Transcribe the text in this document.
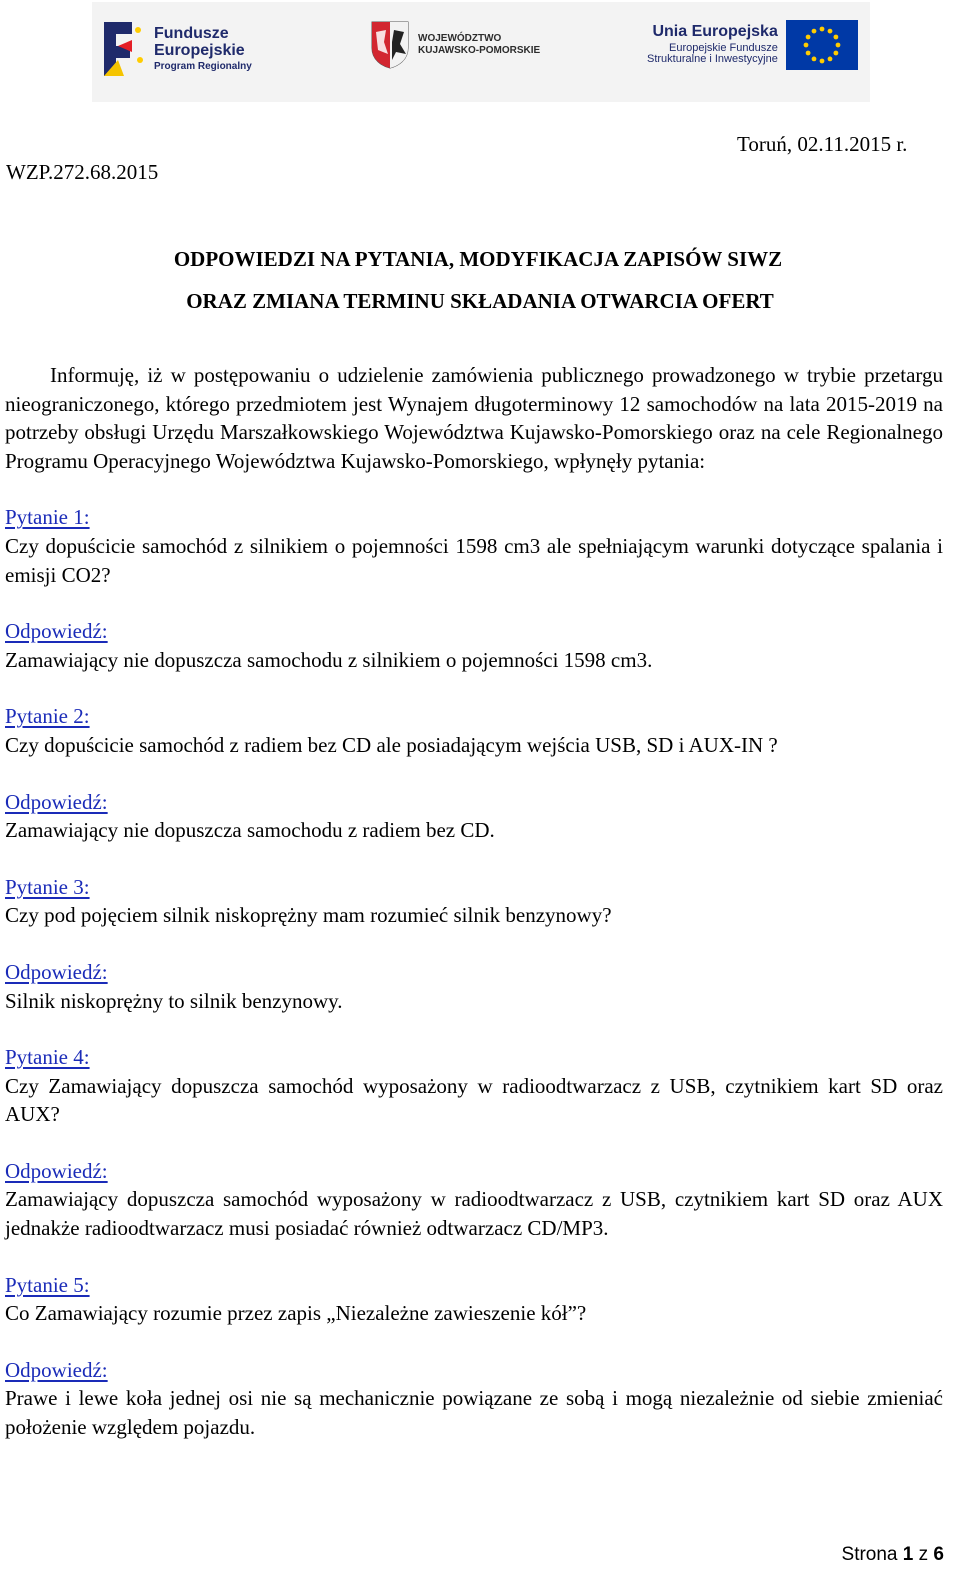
Fundusze
Europejskie
Program Regionalny
WOJEWÓDZTWO
KUJAWSKO-POMORSKIE
Unia Europejska
Europejskie Fundusze
Strukturalne i Inwestycyjne
WZP.272.68.2015
Toruń, 02.11.2015 r.
ODPOWIEDZI NA PYTANIA, MODYFIKACJA ZAPISÓW SIWZ
ORAZ ZMIANA TERMINU SKŁADANIA OTWARCIA OFERT

Informuję, iż w postępowaniu o udzielenie zamówienia publicznego prowadzonego w trybie przetargu nieograniczonego, którego przedmiotem jest Wynajem długoterminowy 12 samochodów na lata 2015-2019 na potrzeby obsługi Urzędu Marszałkowskiego Województwa Kujawsko-Pomorskiego oraz na cele Regionalnego Programu Operacyjnego Województwa Kujawsko-Pomorskiego, wpłynęły pytania:

Pytanie 1:

Czy dopuścicie samochód z silnikiem o pojemności 1598 cm3 ale spełniającym warunki dotyczące spalania i emisji CO2?

Odpowiedź:

Zamawiający nie dopuszcza samochodu z silnikiem o pojemności 1598 cm3.

Pytanie 2:

Czy dopuścicie samochód z radiem bez CD ale posiadającym wejścia USB, SD i AUX-IN ?

Odpowiedź:

Zamawiający nie dopuszcza samochodu z radiem bez CD.

Pytanie 3:

Czy pod pojęciem silnik niskoprężny mam rozumieć silnik benzynowy?

Odpowiedź:

Silnik niskoprężny to silnik benzynowy.

Pytanie 4:

Czy Zamawiający dopuszcza samochód wyposażony w radioodtwarzacz z USB, czytnikiem kart SD oraz AUX?

Odpowiedź:

Zamawiający dopuszcza samochód wyposażony w radioodtwarzacz z USB, czytnikiem kart SD oraz AUX jednakże radioodtwarzacz musi posiadać również odtwarzacz CD/MP3.

Pytanie 5:

Co Zamawiający rozumie przez zapis „Niezależne zawieszenie kół”?

Odpowiedź:

Prawe i lewe koła jednej osi nie są mechanicznie powiązane ze sobą i mogą niezależnie od siebie zmieniać położenie względem pojazdu.

Strona 1 z 6
